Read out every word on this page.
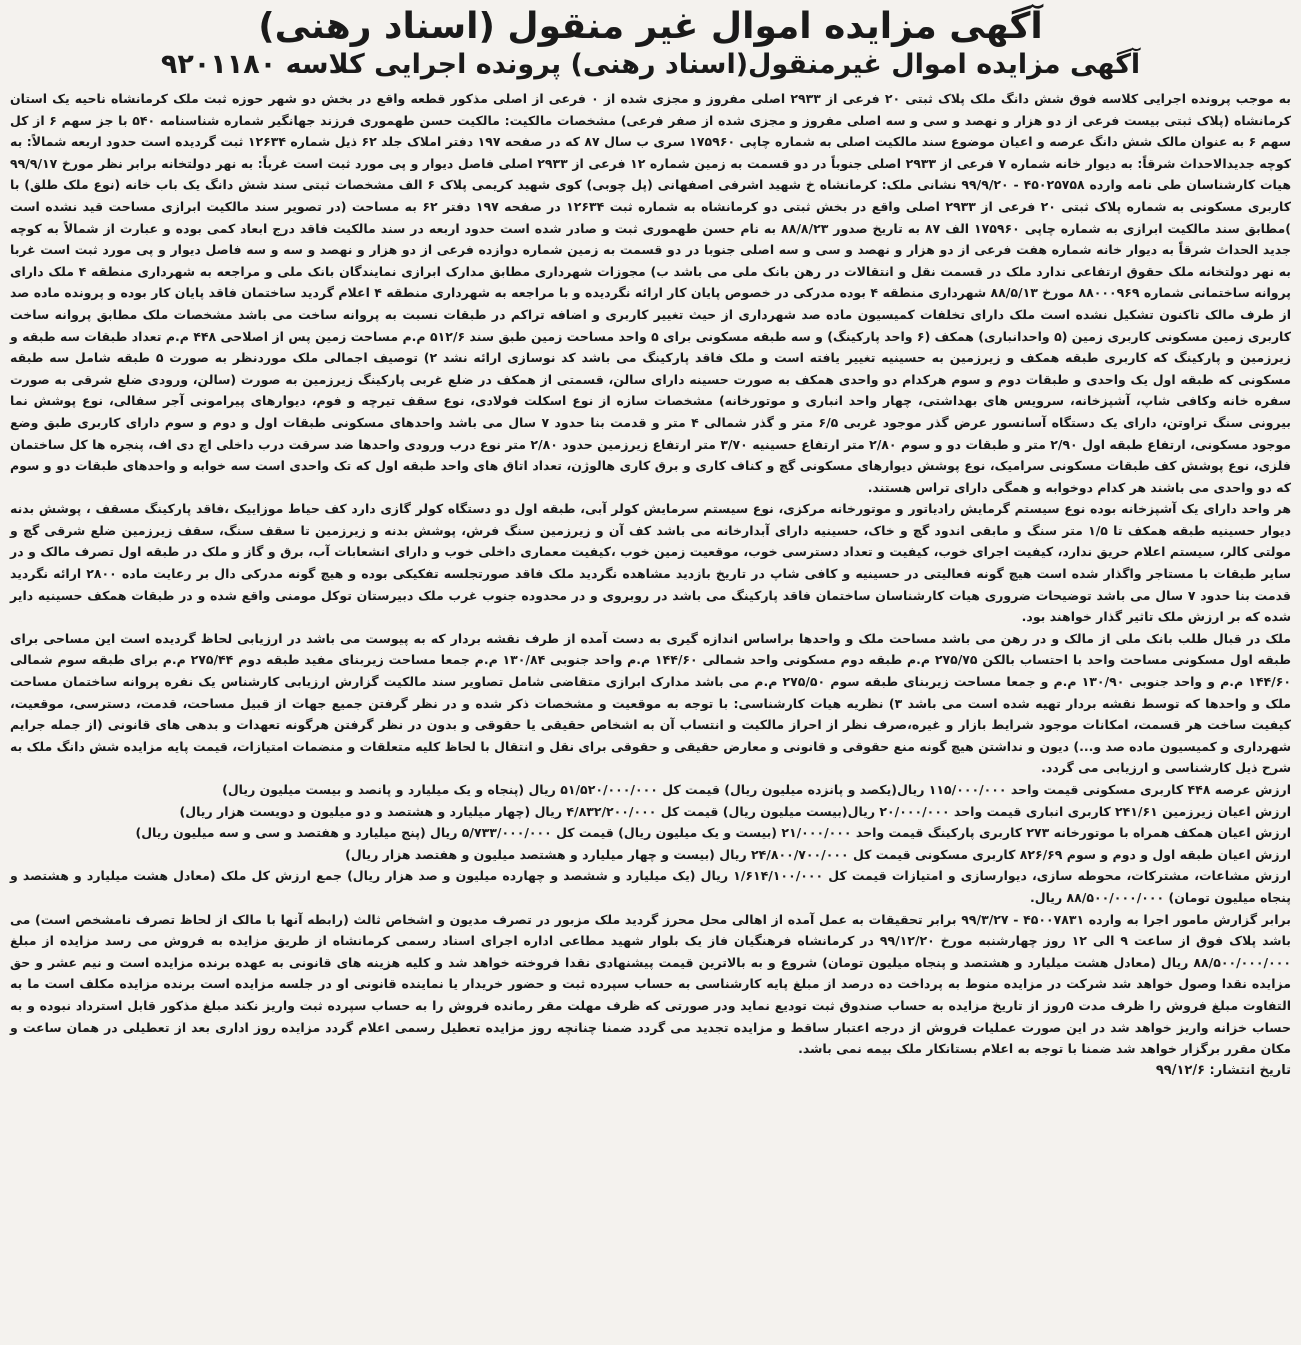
آگهی مزایده اموال غیر منقول (اسناد رهنی)
آگهی مزایده اموال غیرمنقول(اسناد رهنی) پرونده اجرایی کلاسه ۹۲۰۱۱۸۰

به موجب پرونده اجرایی کلاسه فوق شش دانگ ملک پلاک ثبتی ۲۰ فرعی از ۲۹۳۳ اصلی مفروز و مجزی شده از ۰ فرعی از اصلی مذکور قطعه واقع در بخش دو شهر حوزه ثبت ملک کرمانشاه ناحیه یک استان کرمانشاه (پلاک ثبتی بیست فرعی از دو هزار و نهصد و سی و سه اصلی مفروز و مجزی شده از صفر فرعی) مشخصات مالکیت: مالکیت حسن طهموری فرزند جهانگیر شماره شناسنامه ۵۴۰ با جز سهم ۶ از کل سهم ۶ به عنوان مالک شش دانگ عرصه و اعیان موضوع سند مالکیت اصلی به شماره چاپی ۱۷۵۹۶۰ سری ب سال ۸۷ که در صفحه ۱۹۷ دفتر املاک جلد ۶۲ ذیل شماره ۱۲۶۳۴ ثبت گردیده است حدود اربعه شمالاً: به کوچه جدیدالاحداث شرقاً: به دیوار خانه شماره ۷ فرعی از ۲۹۳۳ اصلی جنوباً در دو قسمت به زمین شماره ۱۲ فرعی از ۲۹۳۳ اصلی فاصل دیوار و پی مورد ثبت است غرباً: به نهر دولتخانه برابر نظر مورخ ۹۹/۹/۱۷ هیات کارشناسان طی نامه وارده ۴۵۰۲۵۷۵۸ - ۹۹/۹/۲۰ نشانی ملک: کرمانشاه خ شهید اشرفی اصفهانی (پل چوبی) کوی شهید کریمی پلاک ۶ الف مشخصات ثبتی سند شش دانگ یک باب خانه (نوع ملک طلق) با کاربری مسکونی به شماره پلاک ثبتی ۲۰ فرعی از ۲۹۳۳ اصلی واقع در بخش ثبتی دو کرمانشاه به شماره ثبت ۱۲۶۳۴ در صفحه ۱۹۷ دفتر ۶۲ به مساحت (در تصویر سند مالکیت ابرازی مساحت قید نشده است )مطابق سند مالکیت ابرازی به شماره چاپی ۱۷۵۹۶۰ الف ۸۷ به تاریخ صدور ۸۸/۸/۲۳ به نام حسن طهموری ثبت و صادر شده است حدود اربعه در سند مالکیت فاقد درج ابعاد کمی بوده و عبارت از شمالاً به کوچه جدید الحداث شرقاً به دیوار خانه شماره هفت فرعی از دو هزار و نهصد و سی و سه اصلی جنوبا در دو قسمت به زمین شماره دوازده فرعی از دو هزار و نهصد و سه و سه فاصل دیوار و پی مورد ثبت است غربا به نهر دولتخانه ملک حقوق ارتفاعی ندارد ملک در قسمت نقل و انتقالات در رهن بانک ملی می باشد ب) مجوزات شهرداری مطابق مدارک ابرازی نمایندگان بانک ملی و مراجعه به شهرداری منطقه ۴ ملک دارای پروانه ساختمانی شماره ۸۸۰۰۰۹۶۹ مورخ ۸۸/۵/۱۳ شهرداری منطقه ۴ بوده مدرکی در خصوص پایان کار ارائه نگردیده و با مراجعه به شهرداری منطقه ۴ اعلام گردید ساختمان فاقد پایان کار بوده و پرونده ماده صد از طرف مالک تاکنون تشکیل نشده است ملک دارای تخلفات کمیسیون ماده صد شهرداری از حیث تغییر کاربری و اضافه تراکم در طبقات نسبت به پروانه ساخت می باشد مشخصات ملک مطابق پروانه ساخت کاربری زمین مسکونی کاربری زمین (۵ واحدانباری) همکف (۶ واحد پارکینگ) و سه طبقه مسکونی برای ۵ واحد مساحت زمین طبق سند ۵۱۲/۶ م.م مساحت زمین پس از اصلاحی ۴۴۸ م.م تعداد طبقات سه طبقه و زیرزمین و پارکینگ که کاربری طبقه همکف و زیرزمین به حسینیه تغییر یافته است و ملک فاقد پارکینگ می باشد کد نوسازی ارائه نشد ۲) توصیف اجمالی ملک موردنظر به صورت ۵ طبقه شامل سه طبقه مسکونی که طبقه اول یک واحدی و طبقات دوم و سوم هرکدام دو واحدی همکف به صورت حسینه دارای سالن، قسمتی از همکف در ضلع غربی پارکینگ زیرزمین به صورت (سالن، ورودی ضلع شرقی به صورت سفره خانه وکافی شاپ، آشپزخانه، سرویس های بهداشتی، چهار واحد انباری و موتورخانه) مشخصات سازه از نوع اسکلت فولادی، نوع سقف تیرچه و فوم، دیوارهای پیرامونی آجر سفالی، نوع پوشش نما بیرونی سنگ تراوتن، دارای یک دستگاه آسانسور عرض گذر موجود غربی ۶/۵ متر و گذر شمالی ۴ متر و قدمت بنا حدود ۷ سال می باشد واحدهای مسکونی طبقات اول و دوم و سوم دارای کاربری طبق وضع موجود مسکونی، ارتفاع طبقه اول ۲/۹۰ متر و طبقات دو و سوم ۲/۸۰ متر ارتفاع حسینیه ۳/۷۰ متر ارتفاع زیرزمین حدود ۲/۸۰ متر نوع درب ورودی واحدها ضد سرقت درب داخلی اچ دی اف، پنجره ها کل ساختمان فلزی، نوع پوشش کف طبقات مسکونی سرامیک، نوع پوشش دیوارهای مسکونی گچ و کناف کاری و برق کاری هالوژن، تعداد اتاق های واحد طبقه اول که تک واحدی است سه خوابه و واحدهای طبقات دو و سوم که دو واحدی می باشند هر کدام دوخوابه و همگی دارای تراس هستند.

هر واحد دارای یک آشپزخانه بوده نوع سیستم گرمایش رادیاتور و موتورخانه مرکزی، نوع سیستم سرمایش کولر آبی، طبقه اول دو دستگاه کولر گازی دارد کف حیاط موزاییک ،فاقد پارکینگ مسقف ، پوشش بدنه دیوار حسینیه طبقه همکف تا ۱/۵ متر سنگ و مابقی اندود گچ و خاک، حسینیه دارای آبدارخانه می باشد کف آن و زیرزمین سنگ فرش، پوشش بدنه و زیرزمین تا سقف سنگ، سقف زیرزمین ضلع شرقی گچ و مولتی کالر، سیستم اعلام حریق ندارد، کیفیت اجرای خوب، کیفیت و تعداد دسترسی خوب، موقعیت زمین خوب ،کیفیت معماری داخلی خوب و دارای انشعابات آب، برق و گاز و ملک در طبقه اول تصرف مالک و در سایر طبقات با مستاجر واگذار شده است هیچ گونه فعالیتی در حسینیه و کافی شاپ در تاریخ بازدید مشاهده نگردید ملک فاقد صورتجلسه تفکیکی بوده و هیچ گونه مدرکی دال بر رعایت ماده ۲۸۰۰ ارائه نگردید قدمت بنا حدود ۷ سال می باشد توضیحات ضروری هیات کارشناسان ساختمان فاقد پارکینگ می باشد در روبروی و در محدوده جنوب غرب ملک دبیرستان توکل مومنی واقع شده و در طبقات همکف حسینیه دایر شده که بر ارزش ملک تاثیر گذار خواهند بود.

ملک در قبال طلب بانک ملی از مالک و در رهن می باشد مساحت ملک و واحدها براساس اندازه گیری به دست آمده از طرف نقشه بردار که به پیوست می باشد در ارزیابی لحاظ گردیده است این مساحی برای طبقه اول مسکونی مساحت واحد با احتساب بالکن ۲۷۵/۷۵ م.م طبقه دوم مسکونی واحد شمالی ۱۴۴/۶۰ م.م واحد جنوبی ۱۳۰/۸۴ م.م جمعا مساحت زیربنای مفید طبقه دوم ۲۷۵/۴۴ م.م برای طبقه سوم شمالی ۱۴۴/۶۰ م.م و واحد جنوبی ۱۳۰/۹۰ م.م و جمعا مساحت زیربنای طبقه سوم ۲۷۵/۵۰ م.م می باشد مدارک ابرازی متقاضی شامل تصاویر سند مالکیت گزارش ارزیابی کارشناس یک نفره پروانه ساختمان مساحت ملک و واحدها که توسط نقشه بردار تهیه شده است می باشد ۳) نظریه هیات کارشناسی: با توجه به موقعیت و مشخصات ذکر شده و در نظر گرفتن جمیع جهات از قبیل مساحت، قدمت، دسترسی، موقعیت، کیفیت ساخت هر قسمت، امکانات موجود شرایط بازار و غیره،صرف نظر از احراز مالکیت و انتساب آن به اشخاص حقیقی یا حقوقی و بدون در نظر گرفتن هرگونه تعهدات و بدهی های قانونی (از جمله جرایم شهرداری و کمیسیون ماده صد و...) دیون و نداشتن هیچ گونه منع حقوقی و قانونی و معارض حقیقی و حقوقی برای نقل و انتقال با لحاظ کلیه متعلقات و منضمات امتیازات، قیمت پایه مزایده شش دانگ ملک به شرح ذیل کارشناسی و ارزیابی می گردد.

ارزش عرصه ۴۴۸ کاربری مسکونی قیمت واحد ۱۱۵/۰۰۰/۰۰۰ ریال(یکصد و پانزده میلیون ریال) قیمت کل ۵۱/۵۲۰/۰۰۰/۰۰۰ ریال (پنجاه و یک میلیارد و پانصد و بیست میلیون ریال)

ارزش اعیان زیرزمین ۲۴۱/۶۱ کاربری انباری قیمت واحد ۲۰/۰۰۰/۰۰۰ ریال(بیست میلیون ریال) قیمت کل ۴/۸۳۲/۲۰۰/۰۰۰ ریال (چهار میلیارد و هشتصد و دو میلیون و دویست هزار ریال)

ارزش اعیان همکف همراه با موتورخانه ۲۷۳ کاربری پارکینگ قیمت واحد ۲۱/۰۰۰/۰۰۰ (بیست و یک میلیون ریال) قیمت کل ۵/۷۳۳/۰۰۰/۰۰۰ ریال (پنج میلیارد و هفتصد و سی و سه میلیون ریال)

ارزش اعیان طبقه اول و دوم و سوم ۸۲۶/۶۹ کاربری مسکونی قیمت کل ۲۴/۸۰۰/۷۰۰/۰۰۰ ریال (بیست و چهار میلیارد و هشتصد میلیون و هفتصد هزار ریال)

ارزش مشاعات، مشترکات، محوطه سازی، دیوارسازی و امتیازات قیمت کل ۱/۶۱۴/۱۰۰/۰۰۰ ریال (یک میلیارد و ششصد و چهارده میلیون و صد هزار ریال) جمع ارزش کل ملک (معادل هشت میلیارد و هشتصد و پنجاه میلیون تومان) ۸۸/۵۰۰/۰۰۰/۰۰۰ ریال.

برابر گزارش مامور اجرا به وارده ۴۵۰۰۷۸۳۱ - ۹۹/۳/۲۷ برابر تحقیقات به عمل آمده از اهالی محل محرز گردید ملک مزبور در تصرف مدیون و اشخاص ثالث (رابطه آنها با مالک از لحاظ تصرف نامشخص است) می باشد پلاک فوق از ساعت ۹ الی ۱۲ روز چهارشنبه مورخ ۹۹/۱۲/۲۰ در کرمانشاه فرهنگیان فاز یک بلوار شهید مطاعی اداره اجرای اسناد رسمی کرمانشاه از طریق مزایده به فروش می رسد مزایده از مبلغ ۸۸/۵۰۰/۰۰۰/۰۰۰ ریال (معادل هشت میلیارد و هشتصد و پنجاه میلیون تومان) شروع و به بالاترین قیمت پیشنهادی نقدا فروخته خواهد شد و کلیه هزینه های قانونی به عهده برنده مزایده است و نیم عشر و حق مزایده نقدا وصول خواهد شد شرکت در مزایده منوط به پرداخت ده درصد از مبلغ پایه کارشناسی به حساب سپرده ثبت و حضور خریدار یا نماینده قانونی او در جلسه مزایده است برنده مزایده مکلف است ما به التفاوت مبلغ فروش را ظرف مدت ۵روز از تاریخ مزایده به حساب صندوق ثبت تودیع نماید ودر صورتی که ظرف مهلت مقر رمانده فروش را به حساب سپرده ثبت واریز نکند مبلغ مذکور قابل استرداد نبوده و به حساب خزانه واریز خواهد شد در این صورت عملیات فروش از درجه اعتبار ساقط و مزایده تجدید می گردد ضمنا چنانچه روز مزایده تعطیل رسمی اعلام گردد مزایده روز اداری بعد از تعطیلی در همان ساعت و مکان مقرر برگزار خواهد شد ضمنا با توجه به اعلام بستانکار ملک بیمه نمی باشد.

تاریخ انتشار: ۹۹/۱۲/۶
